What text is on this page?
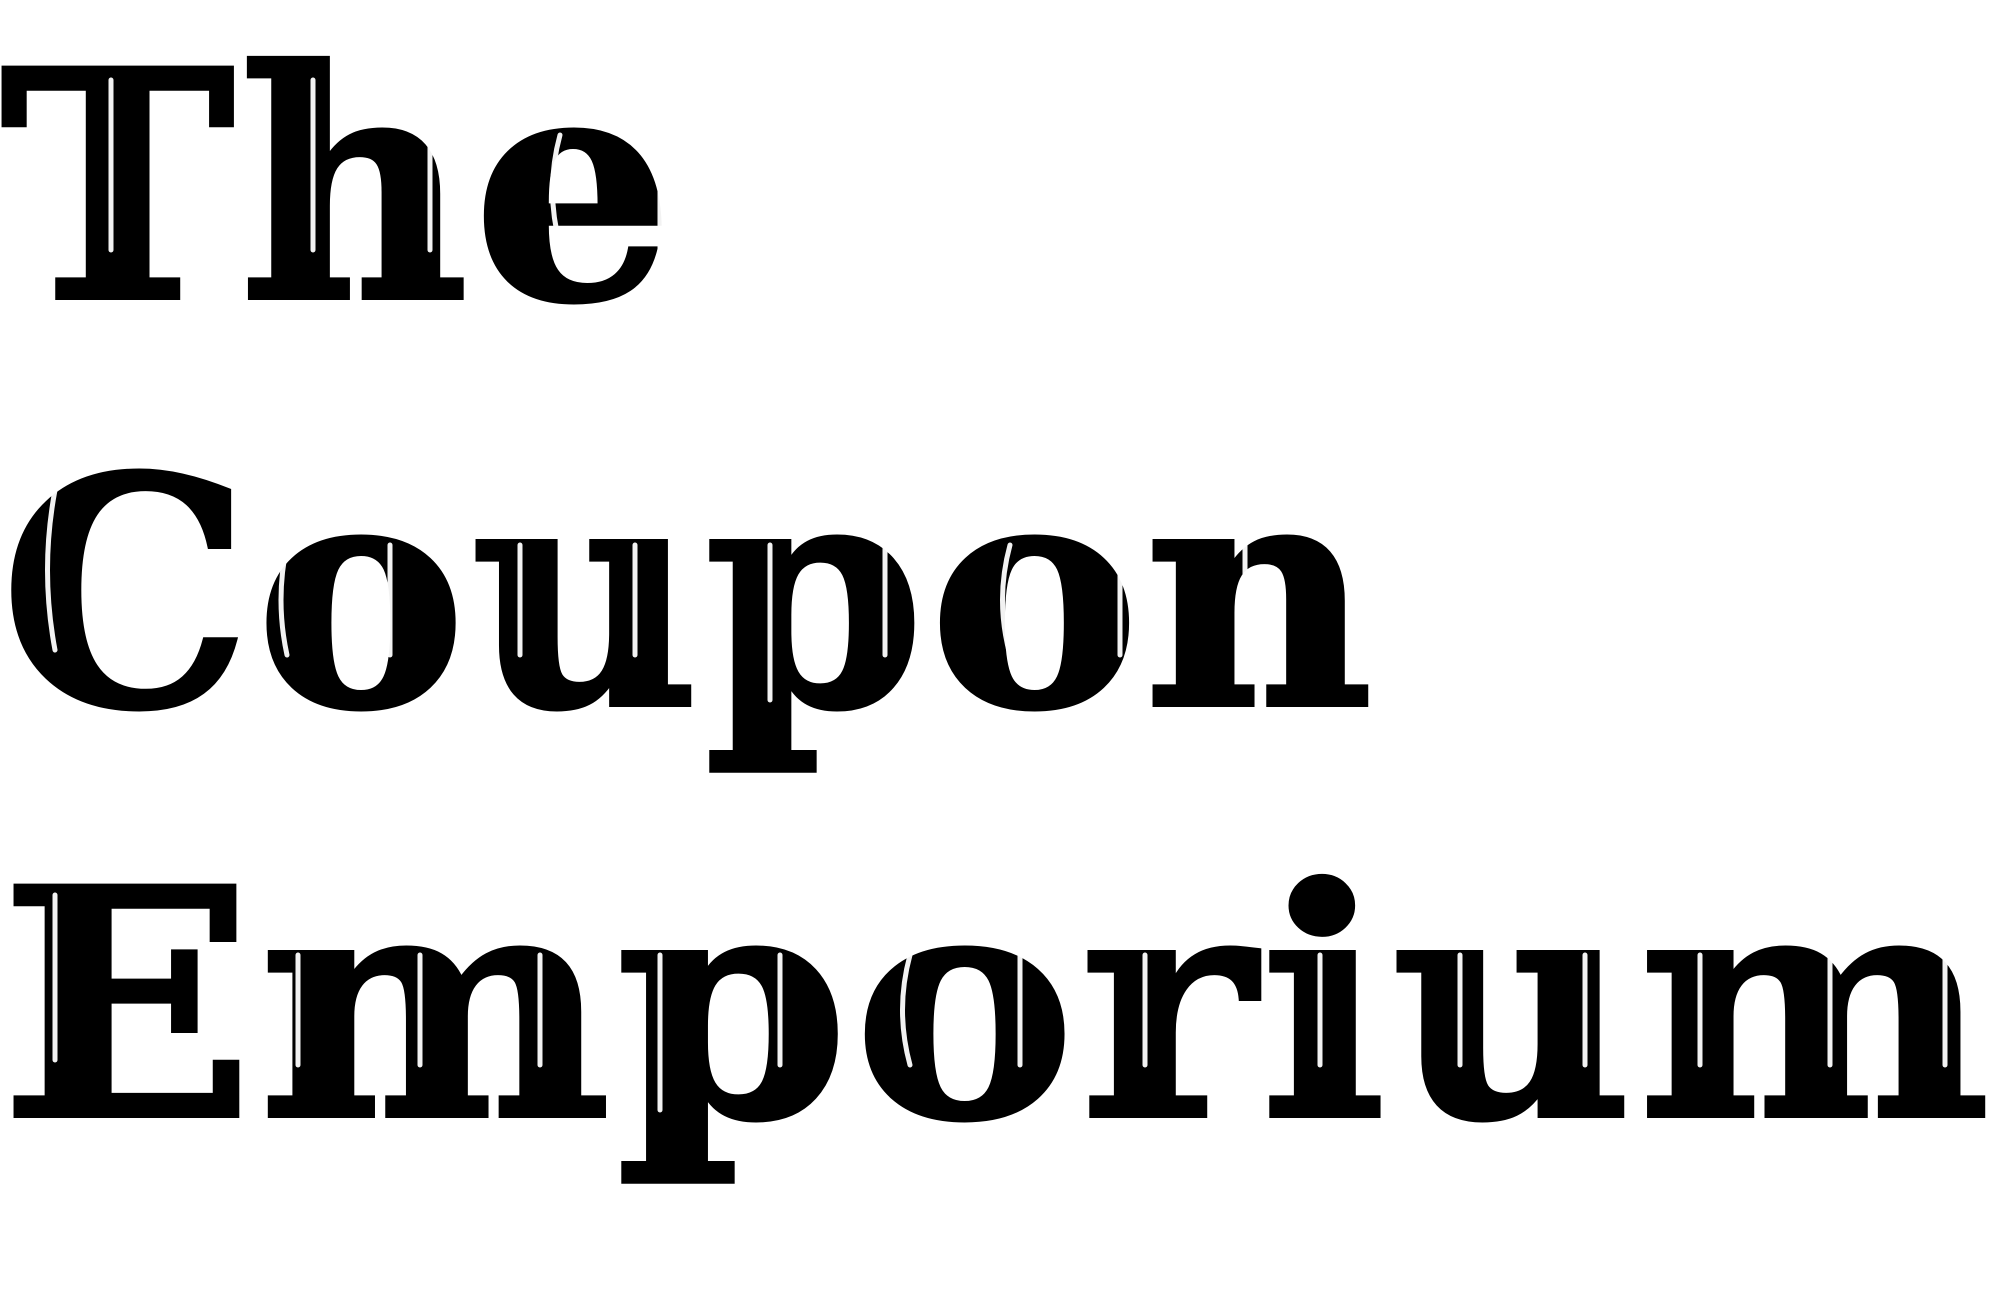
The
Coupon
Emporium
